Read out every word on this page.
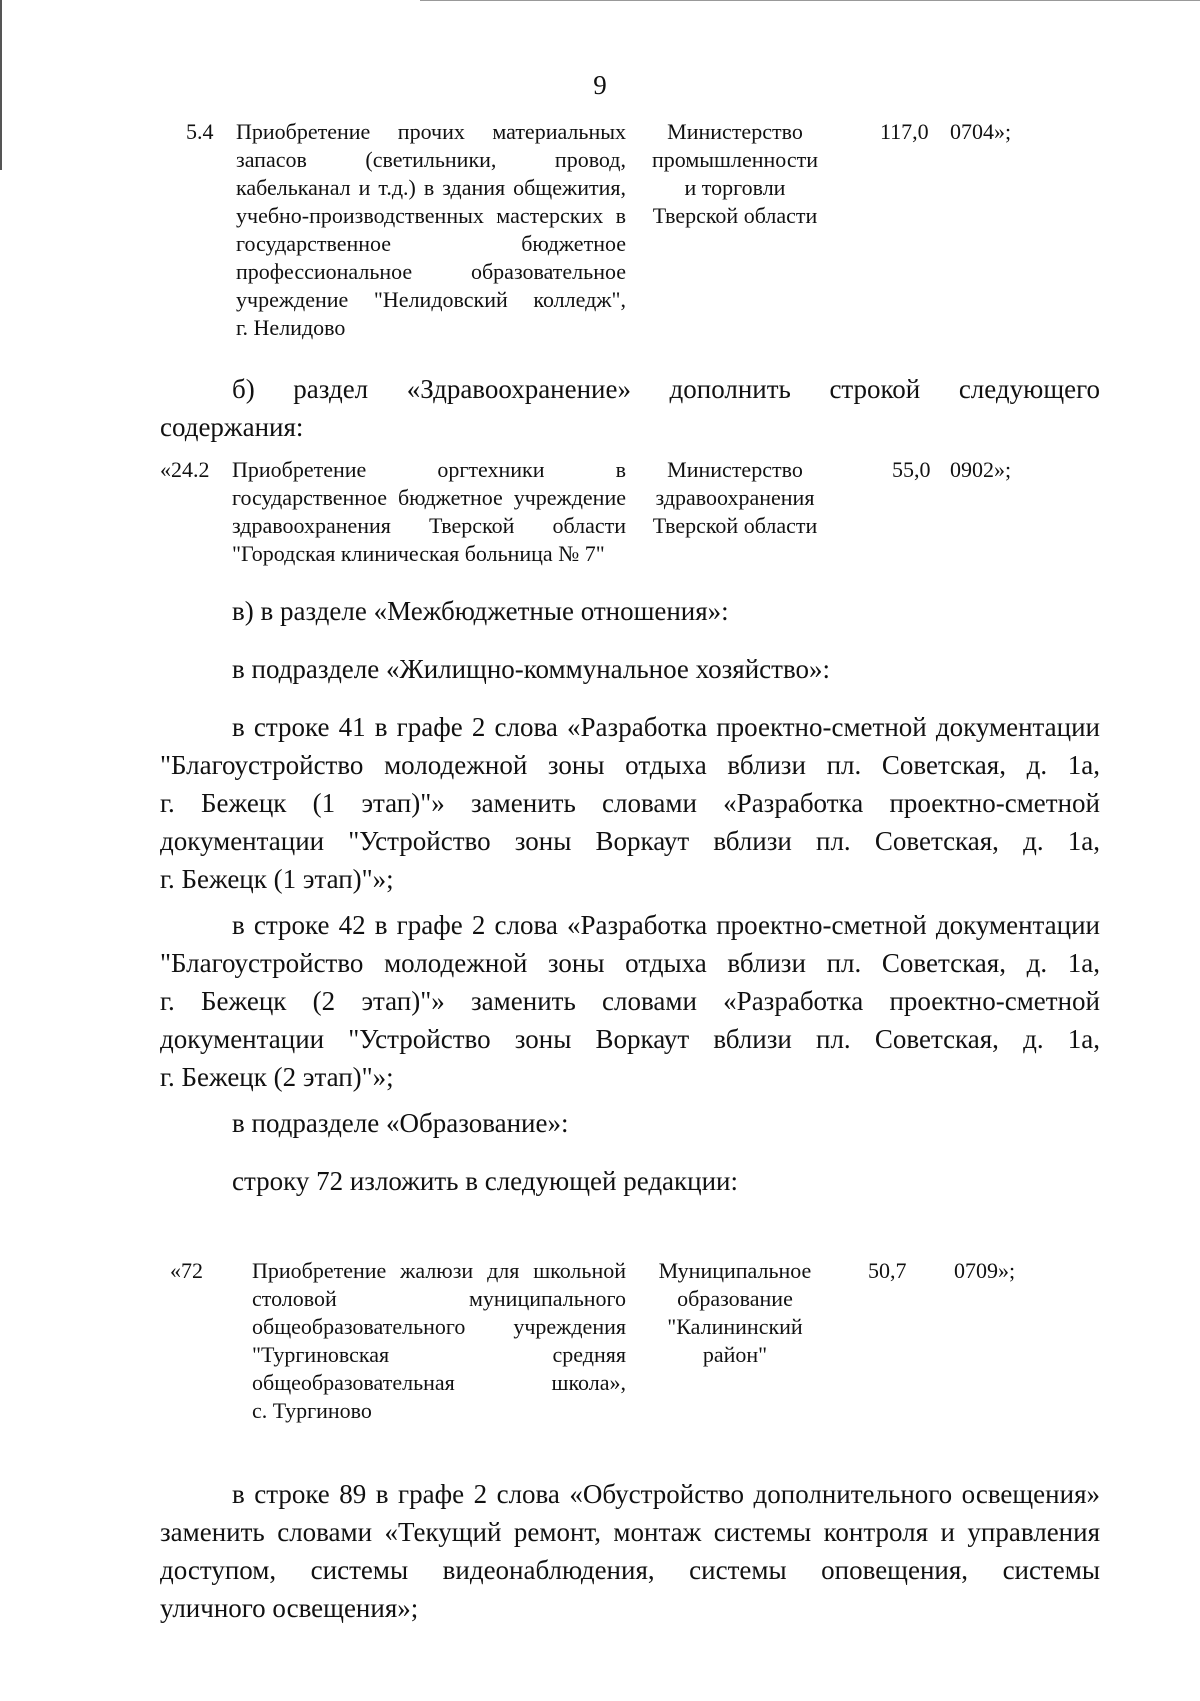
9
5.4 Приобретение прочих материальных
запасов (светильники, провод,
кабельканал и т.д.) в здания общежития,
учебно-производственных мастерских в
государственное бюджетное
профессиональное образовательное
учреждение "Нелидовский колледж",
г. Нелидово
Министерство
промышленности
и торговли
Тверской области
117,0 0704»;
б) раздел «Здравоохранение» дополнить строкой следующего
содержания:
«24.2 Приобретение оргтехники в
государственное бюджетное учреждение
здравоохранения Тверской области
"Городская клиническая больница № 7"
Министерство
здравоохранения
Тверской области
55,0 0902»;
в) в разделе «Межбюджетные отношения»:
в подразделе «Жилищно-коммунальное хозяйство»:
в строке 41 в графе 2 слова «Разработка проектно-сметной документации
"Благоустройство молодежной зоны отдыха вблизи пл. Советская, д. 1а,
г. Бежецк (1 этап)"» заменить словами «Разработка проектно-сметной
документации "Устройство зоны Воркаут вблизи пл. Советская, д. 1а,
г. Бежецк (1 этап)"»;
в строке 42 в графе 2 слова «Разработка проектно-сметной документации
"Благоустройство молодежной зоны отдыха вблизи пл. Советская, д. 1а,
г. Бежецк (2 этап)"» заменить словами «Разработка проектно-сметной
документации "Устройство зоны Воркаут вблизи пл. Советская, д. 1а,
г. Бежецк (2 этап)"»;
в подразделе «Образование»:
строку 72 изложить в следующей редакции:
«72 Приобретение жалюзи для школьной
столовой муниципального
общеобразовательного учреждения
"Тургиновская средняя
общеобразовательная школа»,
с. Тургиново
Муниципальное
образование
"Калининский
район"
50,7 0709»;
в строке 89 в графе 2 слова «Обустройство дополнительного освещения»
заменить словами «Текущий ремонт, монтаж системы контроля и управления
доступом, системы видеонаблюдения, системы оповещения, системы
уличного освещения»;
